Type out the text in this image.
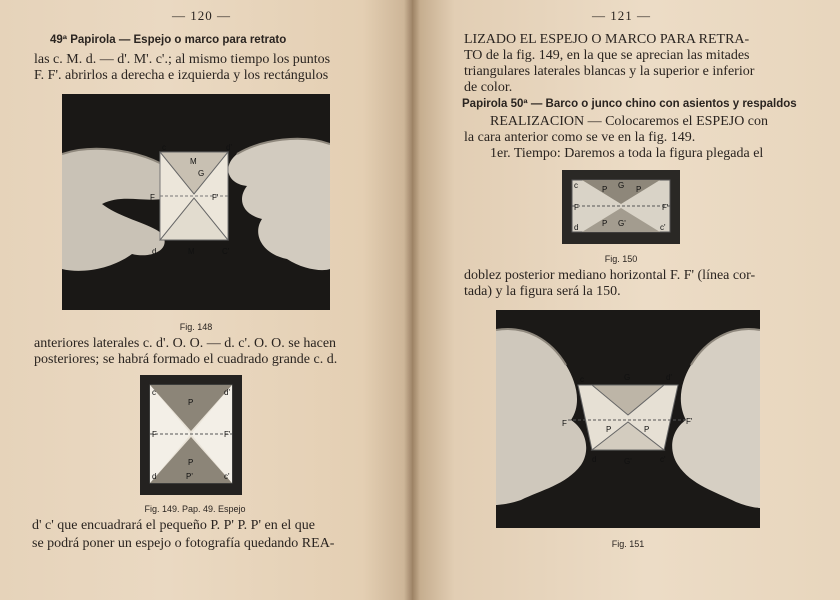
— 120 —
49ª Papirola — Espejo o marco para retrato
las c. M. d. — d'. M'. c'.; al mismo tiempo los puntos
F. F'. abrirlos a derecha e izquierda y los rectángulos
c
M
d'
G
F	F'
d	M	C'
Fig. 148
anteriores laterales c. d'. O. O. — d. c'. O. O. se hacen
posteriores; se habrá formado el cuadrado grande c. d.
c
P
d'
F	F'
P
d	P'	c'
Fig. 149. Pap. 49. Espejo
d' c' que encuadrará el pequeño P. P' P. P' en el que
se podrá poner un espejo o fotografía quedando REA-
— 121 —
LIZADO EL ESPEJO O MARCO PARA RETRA-
TO de la fig. 149, en la que se aprecian las mitades
triangulares laterales blancas y la superior e inferior
de color.
Papirola 50ª — Barco o junco chino con asientos y respaldos
REALIZACION — Colocaremos el ESPEJO con
la cara anterior como se ve en la fig. 149.
1er. Tiempo: Daremos a toda la figura plegada el
c	P G P
F	F'
d	P G'	c'
Fig. 150
doblez posterior mediano horizontal F. F' (línea cor-
tada) y la figura será la 150.
c	G	d'
F
P	P
F'
d	G'	c'
Fig. 151
